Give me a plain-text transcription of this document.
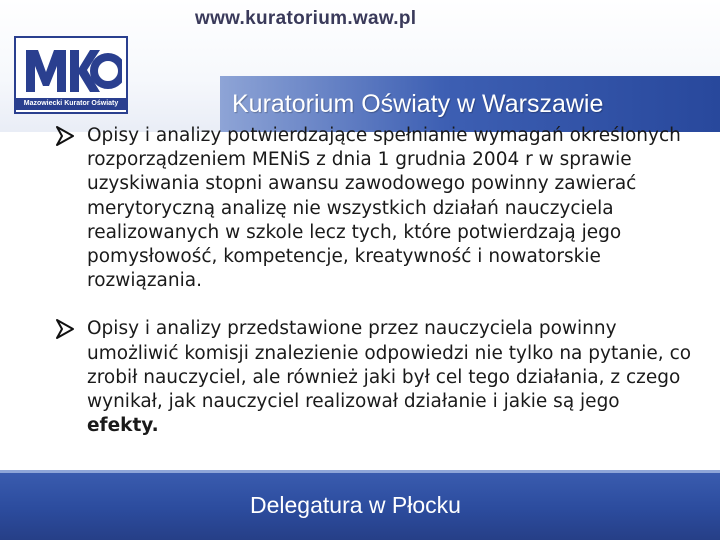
www.kuratorium.waw.pl
Mazowiecki Kurator Oświaty	Kuratorium Oświaty w Warszawie
Opisy i analizy potwierdzające spełnianie wymagań określonych rozporządzeniem MENiS z dnia 1 grudnia 2004 r w sprawie uzyskiwania stopni awansu zawodowego powinny zawierać merytoryczną analizę nie wszystkich działań nauczyciela realizowanych w szkole lecz tych, które potwierdzają jego pomysłowość, kompetencje, kreatywność i nowatorskie rozwiązania.
Opisy i analizy przedstawione przez nauczyciela powinny umożliwić komisji znalezienie odpowiedzi nie tylko na pytanie, co zrobił nauczyciel, ale również jaki był cel tego działania, z czego wynikał, jak nauczyciel realizował działanie i jakie są jego efekty.
Delegatura w Płocku
